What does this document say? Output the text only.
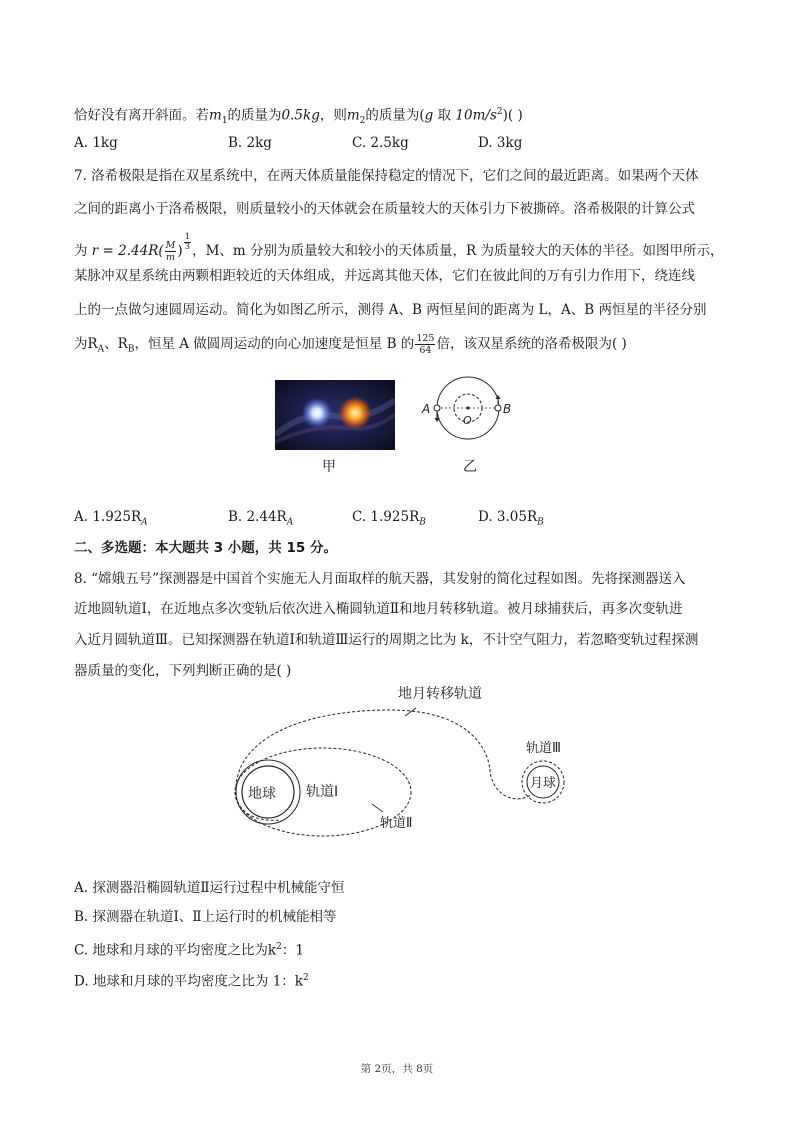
恰好没有离开斜面。若$m_1$的质量为0.5kg，则$m_2$的质量为(g 取 $10m/s^2$)( )
A. 1kg	B. 2kg	C. 2.5kg	D. 3kg
7. 洛希极限是指在双星系统中，在两天体质量能保持稳定的情况下，它们之间的最近距离。如果两个天体
之间的距离小于洛希极限，则质量较小的天体就会在质量较大的天体引力下被撕碎。洛希极限的计算公式
为 $r = 2.44R( \frac{M}{m}$ ) $\frac{1}{3}$ ，M、m 分别为质量较大和较小的天体质量，R 为质量较大的天体的半径。如图甲所示，
某脉冲双星系统由两颗相距较近的天体组成，并远离其他天体，它们在彼此间的万有引力作用下，绕连线
上的一点做匀速圆周运动。简化为如图乙所示，测得 A、B 两恒星间的距离为 L，A、B 两恒星的半径分别
为$R_A$、$R_B$，恒星 A 做圆周运动的向心加速度是恒星 B 的 $\frac{125}{64}$ 倍，该双星系统的洛希极限为( )
甲
A	B
O
乙
A. $1.925R_A$	B. $2.44R_A$	C. $1.925R_B$	D. $3.05R_B$
二、多选题：本大题共 3 小题，共 15 分。
8. “嫦娥五号”探测器是中国首个实施无人月面取样的航天器，其发射的简化过程如图。先将探测器送入
近地圆轨道Ⅰ，在近地点多次变轨后依次进入椭圆轨道Ⅱ和地月转移轨道。被月球捕获后，再多次变轨进
入近月圆轨道Ⅲ。已知探测器在轨道Ⅰ和轨道Ⅲ运行的周期之比为 k，不计空气阻力，若忽略变轨过程探测
器质量的变化，下列判断正确的是( )
地月转移轨道
轨道Ⅲ
地球 轨道Ⅰ
轨道Ⅱ
月球
A. 探测器沿椭圆轨道Ⅱ运行过程中机械能守恒
B. 探测器在轨道Ⅰ、Ⅱ上运行时的机械能相等
C. 地球和月球的平均密度之比为$k^2$：1
D. 地球和月球的平均密度之比为 1：$k^2$
第 2页，共 8页
